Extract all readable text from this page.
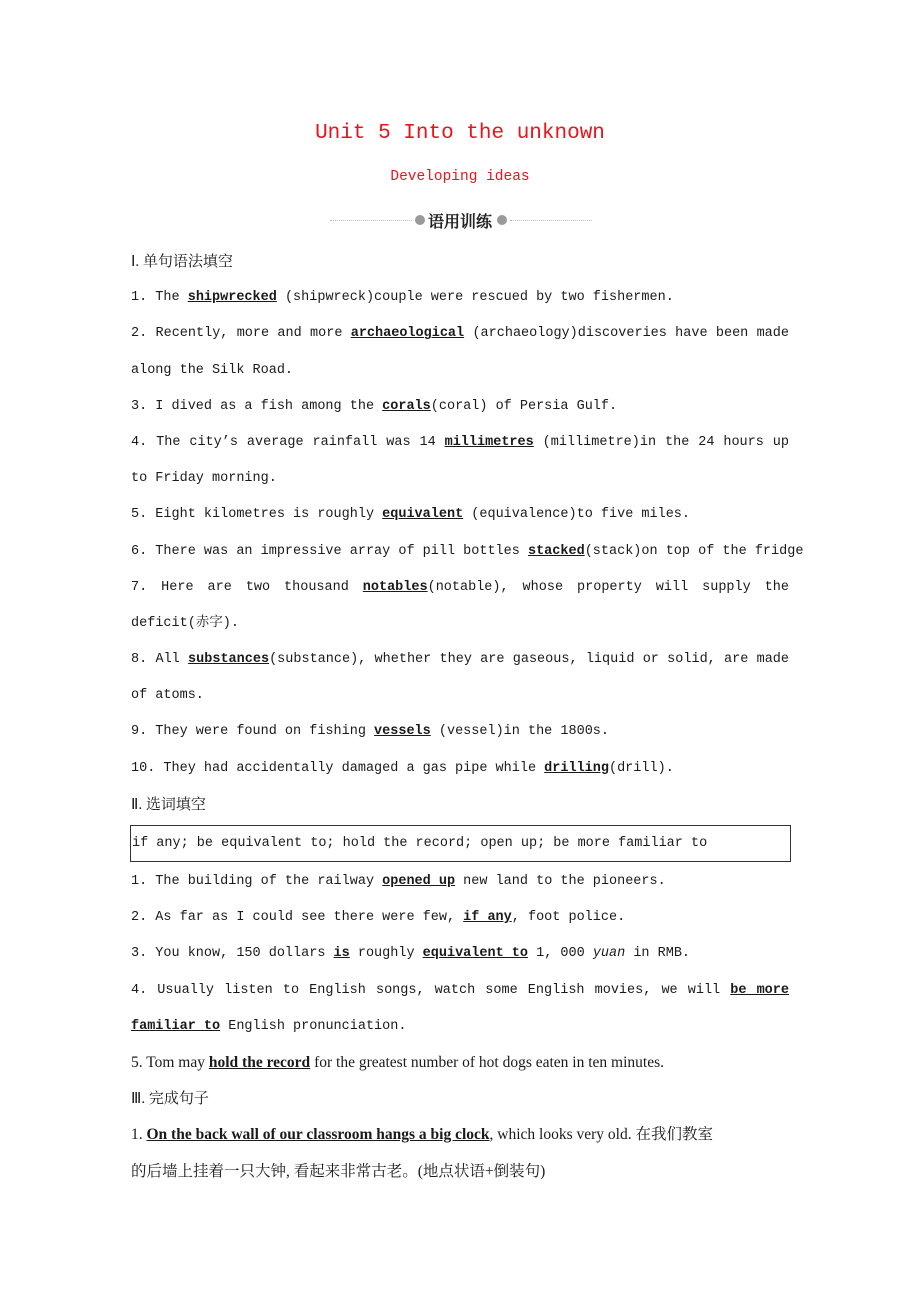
Unit 5 Into the unknown
Developing ideas
语用训练
Ⅰ. 单句语法填空
1. The shipwrecked (shipwreck)couple were rescued by two fishermen.
2. Recently, more and more archaeological (archaeology)discoveries have been made
along the Silk Road.
3. I dived as a fish among the corals(coral) of Persia Gulf.
4. The city’s average rainfall was 14 millimetres (millimetre)in the 24 hours up
to Friday morning.
5. Eight kilometres is roughly equivalent (equivalence)to five miles.
6. There was an impressive array of pill bottles stacked(stack)on top of the fridge
7. Here are two thousand notables(notable), whose property will supply the
deficit(赤字).
8. All substances(substance), whether they are gaseous, liquid or solid, are made
of atoms.
9. They were found on fishing vessels (vessel)in the 1800s.
10. They had accidentally damaged a gas pipe while drilling(drill).
Ⅱ. 选词填空
if any; be equivalent to; hold the record; open up; be more familiar to
1. The building of the railway opened up new land to the pioneers.
2. As far as I could see there were few, if any, foot police.
3. You know, 150 dollars is roughly equivalent to 1, 000 yuan in RMB.
4. Usually listen to English songs, watch some English movies, we will be more
familiar to English pronunciation.
5. Tom may hold the record for the greatest number of hot dogs eaten in ten minutes.
Ⅲ. 完成句子
1. On the back wall of our classroom hangs a big clock, which looks very old. 在我们教室
的后墙上挂着一只大钟, 看起来非常古老。(地点状语+倒装句)
